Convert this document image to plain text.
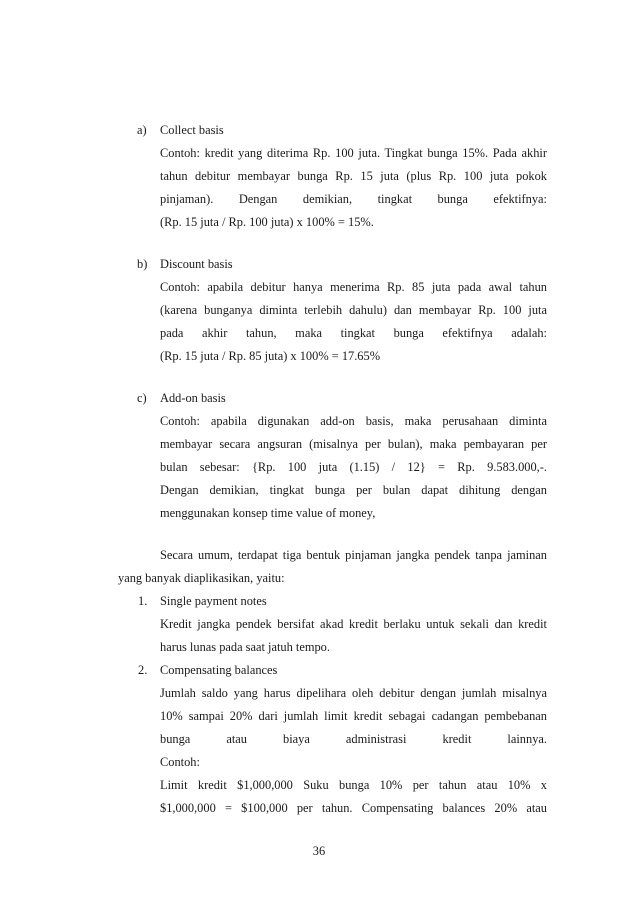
a) Collect basis
Contoh: kredit yang diterima Rp. 100 juta. Tingkat bunga 15%. Pada akhir
tahun debitur membayar bunga Rp. 15 juta (plus Rp. 100 juta pokok
pinjaman). Dengan demikian, tingkat bunga efektifnya:
(Rp. 15 juta / Rp. 100 juta) x 100% = 15%.
b) Discount basis
Contoh: apabila debitur hanya menerima Rp. 85 juta pada awal tahun
(karena bunganya diminta terlebih dahulu) dan membayar Rp. 100 juta
pada akhir tahun, maka tingkat bunga efektifnya adalah:
(Rp. 15 juta / Rp. 85 juta) x 100% = 17.65%
c) Add-on basis
Contoh: apabila digunakan add-on basis, maka perusahaan diminta
membayar secara angsuran (misalnya per bulan), maka pembayaran per
bulan sebesar: {Rp. 100 juta (1.15) / 12} = Rp. 9.583.000,-.
Dengan demikian, tingkat bunga per bulan dapat dihitung dengan
menggunakan konsep time value of money,
Secara umum, terdapat tiga bentuk pinjaman jangka pendek tanpa jaminan
yang banyak diaplikasikan, yaitu:
1. Single payment notes
Kredit jangka pendek bersifat akad kredit berlaku untuk sekali dan kredit
harus lunas pada saat jatuh tempo.
2. Compensating balances
Jumlah saldo yang harus dipelihara oleh debitur dengan jumlah misalnya
10% sampai 20% dari jumlah limit kredit sebagai cadangan pembebanan
bunga atau biaya administrasi kredit lainnya.
Contoh:
Limit kredit $1,000,000 Suku bunga 10% per tahun atau 10% x
$1,000,000 = $100,000 per tahun. Compensating balances 20% atau
36
